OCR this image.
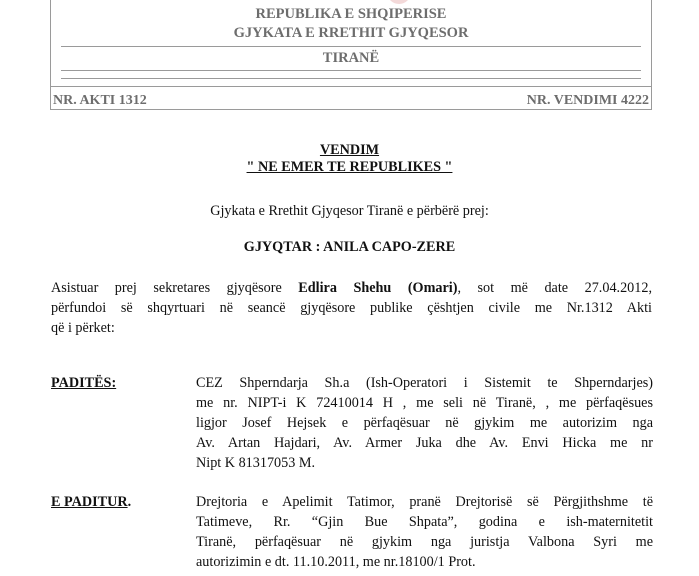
REPUBLIKA E SHQIPERISE
GJYKATA E RRETHIT GJYQESOR
TIRANË
NR. AKTI 1312	NR. VENDIMI 4222
VENDIM
" NE EMER TE REPUBLIKES "
Gjykata e Rrethit Gjyqesor Tiranë e përbërë prej:
GJYQTAR : ANILA CAPO-ZERE
Asistuar prej sekretares gjyqësore Edlira Shehu (Omari), sot më date 27.04.2012,
përfundoi së shqyrtuari në seancë gjyqësore publike çështjen civile me Nr.1312 Akti
që i përket:
PADITËS:	CEZ Shperndarja Sh.a (Ish-Operatori i Sistemit te Shperndarjes)
me nr. NIPT-i K 72410014 H , me seli në Tiranë, , me përfaqësues
ligjor Josef Hejsek e përfaqësuar në gjykim me autorizim nga
Av. Artan Hajdari, Av. Armer Juka dhe Av. Envi Hicka me nr
Nipt K 81317053 M.
E PADITUR.	Drejtoria e Apelimit Tatimor, pranë Drejtorisë së Përgjithshme të
Tatimeve, Rr. “Gjin Bue Shpata”, godina e ish-maternitetit
Tiranë, përfaqësuar në gjykim nga juristja Valbona Syri me
autorizimin e dt. 11.10.2011, me nr.18100/1 Prot.
